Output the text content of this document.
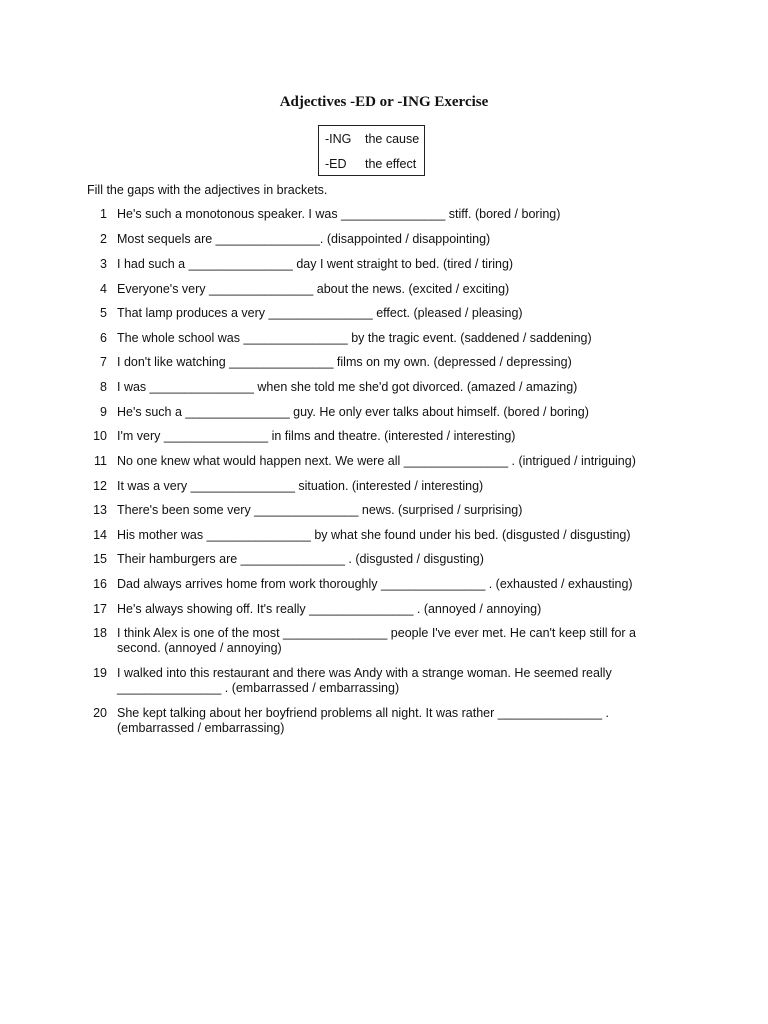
Adjectives -ED or -ING Exercise
-ING the cause
-ED the effect
Fill the gaps with the adjectives in brackets.
1 He's such a monotonous speaker. I was _______________ stiff. (bored / boring)
2 Most sequels are _______________. (disappointed / disappointing)
3 I had such a _______________ day I went straight to bed. (tired / tiring)
4 Everyone's very _______________ about the news. (excited / exciting)
5 That lamp produces a very _______________ effect. (pleased / pleasing)
6 The whole school was _______________ by the tragic event. (saddened / saddening)
7 I don't like watching _______________ films on my own. (depressed / depressing)
8 I was _______________ when she told me she'd got divorced. (amazed / amazing)
9 He's such a _______________ guy. He only ever talks about himself. (bored / boring)
10 I'm very _______________ in films and theatre. (interested / interesting)
11 No one knew what would happen next. We were all _______________ . (intrigued / intriguing)
12 It was a very _______________ situation. (interested / interesting)
13 There's been some very _______________ news. (surprised / surprising)
14 His mother was _______________ by what she found under his bed. (disgusted / disgusting)
15 Their hamburgers are _______________ . (disgusted / disgusting)
16 Dad always arrives home from work thoroughly _______________ . (exhausted / exhausting)
17 He's always showing off. It's really _______________ . (annoyed / annoying)
18 I think Alex is one of the most _______________ people I've ever met. He can't keep still for a second. (annoyed / annoying)
19 I walked into this restaurant and there was Andy with a strange woman. He seemed really _______________ . (embarrassed / embarrassing)
20 She kept talking about her boyfriend problems all night. It was rather _______________ . (embarrassed / embarrassing)
